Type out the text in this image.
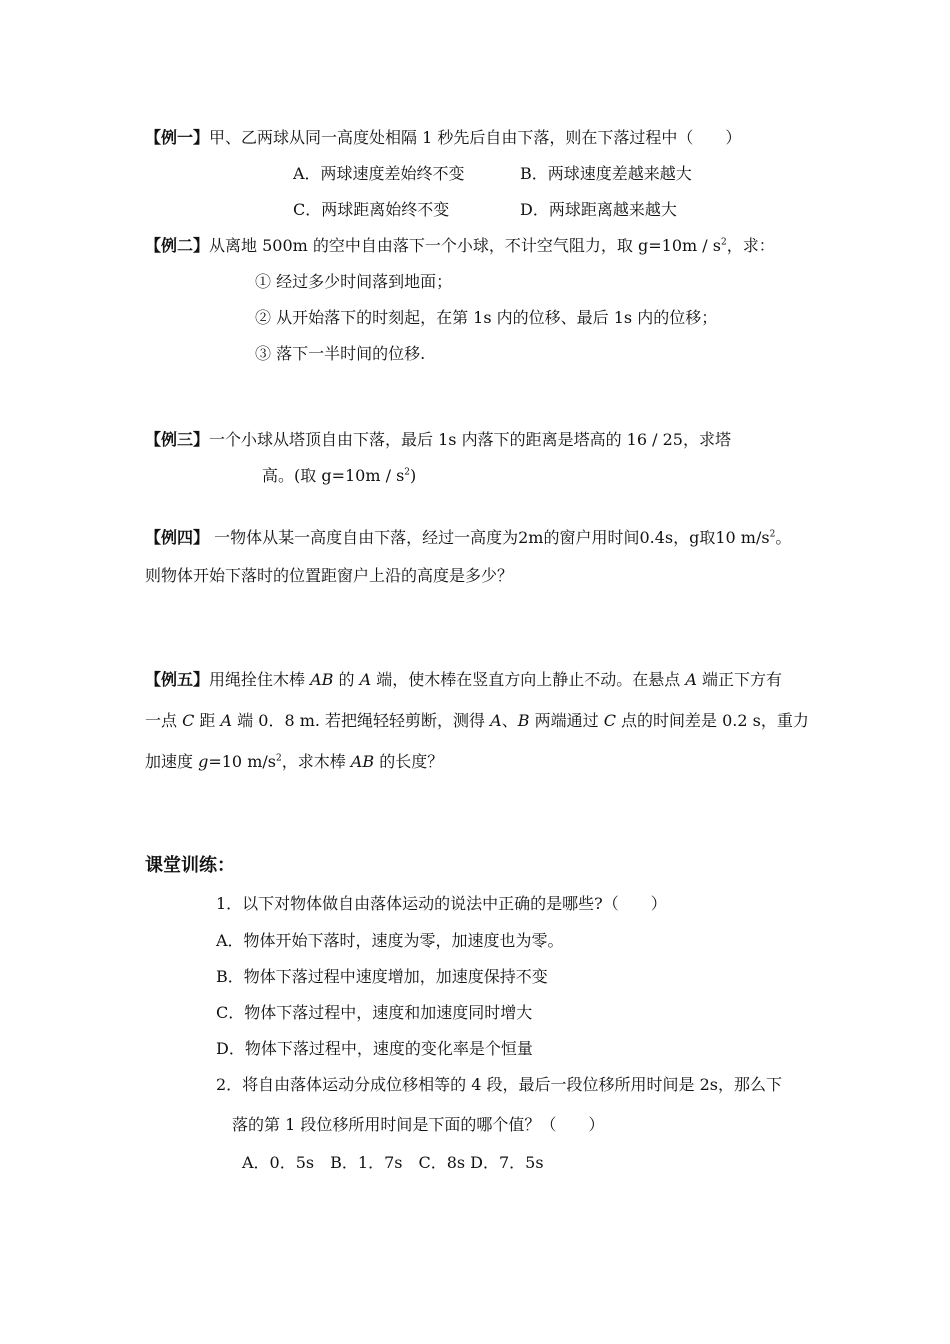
【例一】甲、乙两球从同一高度处相隔 1 秒先后自由下落，则在下落过程中（　　）
A．两球速度差始终不变	B．两球速度差越来越大
C．两球距离始终不变	D．两球距离越来越大
【例二】从离地 500m 的空中自由落下一个小球，不计空气阻力，取 $g=10m / s^2$，求：
① 经过多少时间落到地面；
② 从开始落下的时刻起，在第 1s 内的位移、最后 1s 内的位移；
③ 落下一半时间的位移.
【例三】一个小球从塔顶自由下落，最后 1s 内落下的距离是塔高的 16 / 25，求塔
高。(取 $g=10m / s^2$)
【例四】 一物体从某一高度自由下落，经过一高度为2m的窗户用时间0.4s，g取10 $m/s^2$。
则物体开始下落时的位置距窗户上沿的高度是多少？
【例五】用绳拴住木棒 AB 的 A 端，使木棒在竖直方向上静止不动。在悬点 A 端正下方有
一点 C 距 A 端 0．8 m. 若把绳轻轻剪断，测得 A、B 两端通过 C 点的时间差是 0.2 s，重力
加速度 g=10 $m/s^2$，求木棒 AB 的长度？
课堂训练：
1．以下对物体做自由落体运动的说法中正确的是哪些?（　　）
A．物体开始下落时，速度为零，加速度也为零。
B．物体下落过程中速度增加，加速度保持不变
C．物体下落过程中，速度和加速度同时增大
D．物体下落过程中，速度的变化率是个恒量
2．将自由落体运动分成位移相等的 4 段，最后一段位移所用时间是 2s，那么下
落的第 1 段位移所用时间是下面的哪个值？（　　）
A．0．5s　B．1．7s　C．8s D．7．5s
